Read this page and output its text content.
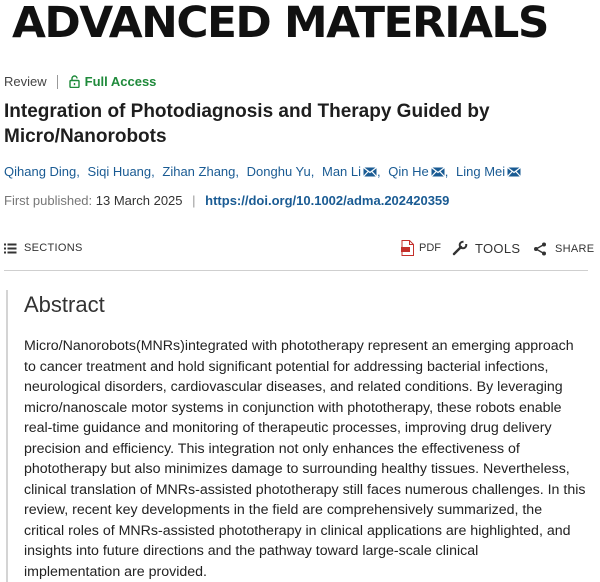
ADVANCED MATERIALS
Review	Full Access
Integration of Photodiagnosis and Therapy Guided by
Micro/Nanorobots
Qihang Ding , Siqi Huang , Zihan Zhang , Donghu Yu , Man Li , Qin He , Ling Mei
First published: 13 March 2025 | https://doi.org/10.1002/adma.202420359
SECTIONS	PDF	TOOLS	SHARE
Abstract
Micro/Nanorobots(MNRs)integrated with phototherapy represent an emerging approach
to cancer treatment and hold significant potential for addressing bacterial infections,
neurological disorders, cardiovascular diseases, and related conditions. By leveraging
micro/nanoscale motor systems in conjunction with phototherapy, these robots enable
real-time guidance and monitoring of therapeutic processes, improving drug delivery
precision and efficiency. This integration not only enhances the effectiveness of
phototherapy but also minimizes damage to surrounding healthy tissues. Nevertheless,
clinical translation of MNRs-assisted phototherapy still faces numerous challenges. In this
review, recent key developments in the field are comprehensively summarized, the
critical roles of MNRs-assisted phototherapy in clinical applications are highlighted, and
insights into future directions and the pathway toward large-scale clinical
implementation are provided.
